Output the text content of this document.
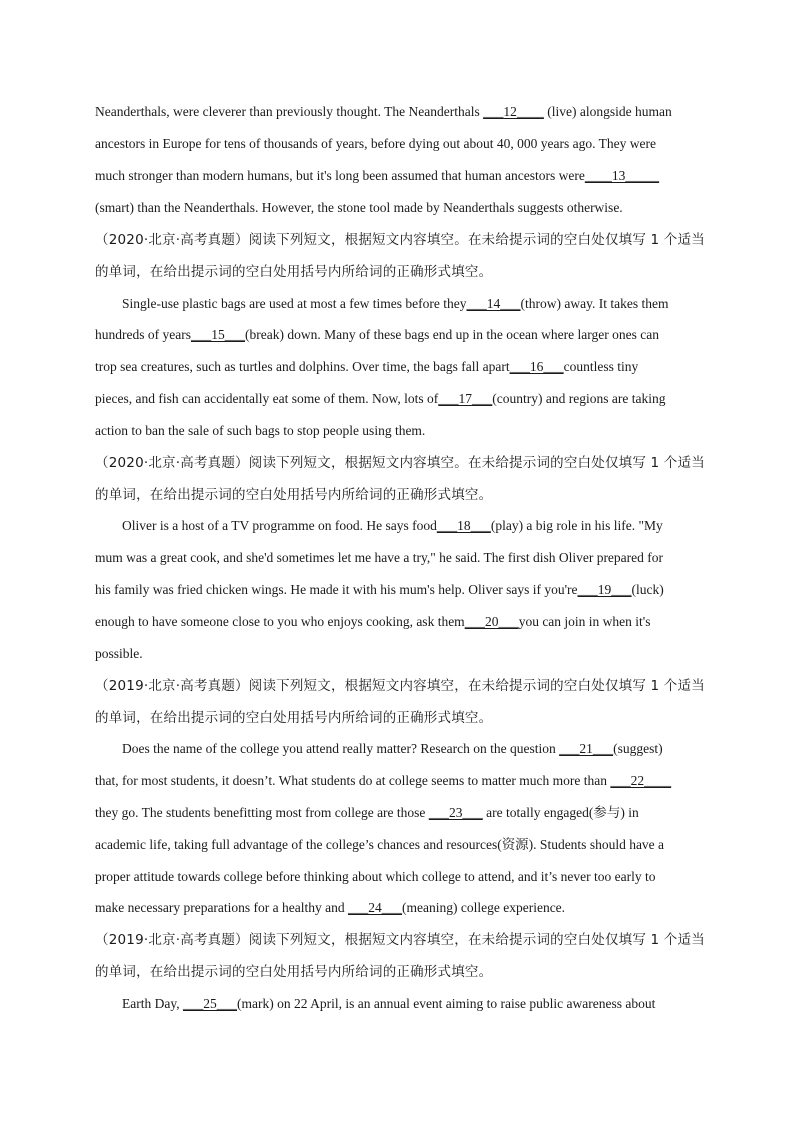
Neanderthals, were cleverer than previously thought. The Neanderthals ___12____ (live) alongside human
ancestors in Europe for tens of thousands of years, before dying out about 40, 000 years ago. They were
much stronger than modern humans, but it's long been assumed that human ancestors were____13_____
(smart) than the Neanderthals. However, the stone tool made by Neanderthals suggests otherwise.
（2020·北京·高考真题）阅读下列短文，根据短文内容填空。在未给提示词的空白处仅填写 1 个适当
的单词，在给出提示词的空白处用括号内所给词的正确形式填空。
Single-use plastic bags are used at most a few times before they___14___(throw) away. It takes them
hundreds of years___15___(break) down. Many of these bags end up in the ocean where larger ones can
trop sea creatures, such as turtles and dolphins. Over time, the bags fall apart___16___countless tiny
pieces, and fish can accidentally eat some of them. Now, lots of___17___(country) and regions are taking
action to ban the sale of such bags to stop people using them.
（2020·北京·高考真题）阅读下列短文，根据短文内容填空。在未给提示词的空白处仅填写 1 个适当
的单词，在给出提示词的空白处用括号内所给词的正确形式填空。
Oliver is a host of a TV programme on food. He says food___18___(play) a big role in his life. "My
mum was a great cook, and she'd sometimes let me have a try," he said. The first dish Oliver prepared for
his family was fried chicken wings. He made it with his mum's help. Oliver says if you're___19___(luck)
enough to have someone close to you who enjoys cooking, ask them___20___you can join in when it's
possible.
（2019·北京·高考真题）阅读下列短文，根据短文内容填空，在未给提示词的空白处仅填写 1 个适当
的单词，在给出提示词的空白处用括号内所给词的正确形式填空。
Does the name of the college you attend really matter? Research on the question ___21___(suggest)
that, for most students, it doesn’t. What students do at college seems to matter much more than ___22____
they go. The students benefitting most from college are those ___23___ are totally engaged(参与) in
academic life, taking full advantage of the college’s chances and resources(资源). Students should have a
proper attitude towards college before thinking about which college to attend, and it’s never too early to
make necessary preparations for a healthy and ___24___(meaning) college experience.
（2019·北京·高考真题）阅读下列短文，根据短文内容填空，在未给提示词的空白处仅填写 1 个适当
的单词，在给出提示词的空白处用括号内所给词的正确形式填空。
Earth Day, ___25___(mark) on 22 April, is an annual event aiming to raise public awareness about
